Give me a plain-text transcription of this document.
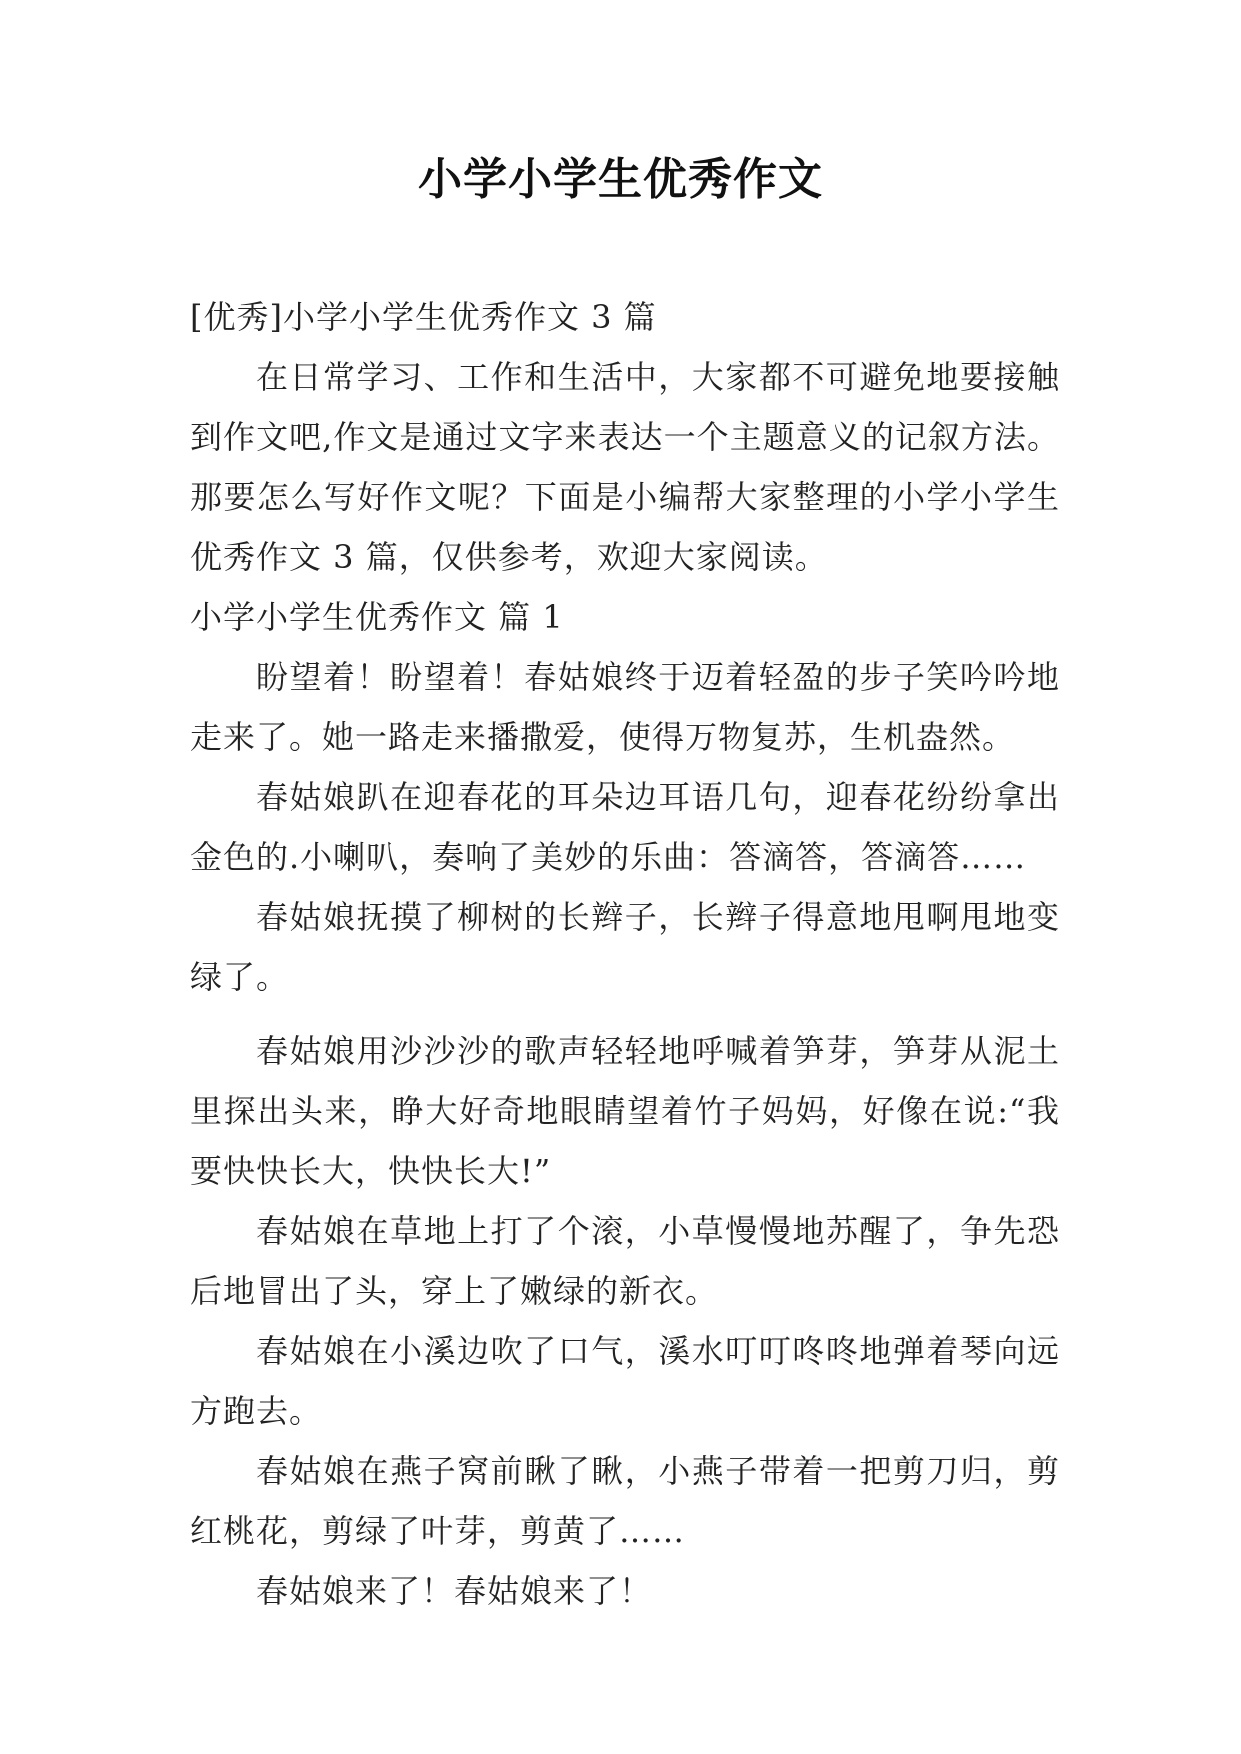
小学小学生优秀作文

[优秀]小学小学生优秀作文 3 篇

在日常学习、工作和生活中，大家都不可避免地要接触到作文吧,作文是通过文字来表达一个主题意义的记叙方法。那要怎么写好作文呢？下面是小编帮大家整理的小学小学生优秀作文 3 篇，仅供参考，欢迎大家阅读。

小学小学生优秀作文 篇 1

盼望着！盼望着！春姑娘终于迈着轻盈的步子笑吟吟地走来了。她一路走来播撒爱，使得万物复苏，生机盎然。

春姑娘趴在迎春花的耳朵边耳语几句，迎春花纷纷拿出金色的.小喇叭，奏响了美妙的乐曲：答滴答，答滴答……

春姑娘抚摸了柳树的长辫子，长辫子得意地甩啊甩地变绿了。

春姑娘用沙沙沙的歌声轻轻地呼喊着笋芽，笋芽从泥土里探出头来，睁大好奇地眼睛望着竹子妈妈，好像在说:“我要快快长大，快快长大!”

春姑娘在草地上打了个滚，小草慢慢地苏醒了，争先恐后地冒出了头，穿上了嫩绿的新衣。

春姑娘在小溪边吹了口气，溪水叮叮咚咚地弹着琴向远方跑去。

春姑娘在燕子窝前瞅了瞅，小燕子带着一把剪刀归，剪红桃花，剪绿了叶芽，剪黄了……

春姑娘来了！春姑娘来了！
